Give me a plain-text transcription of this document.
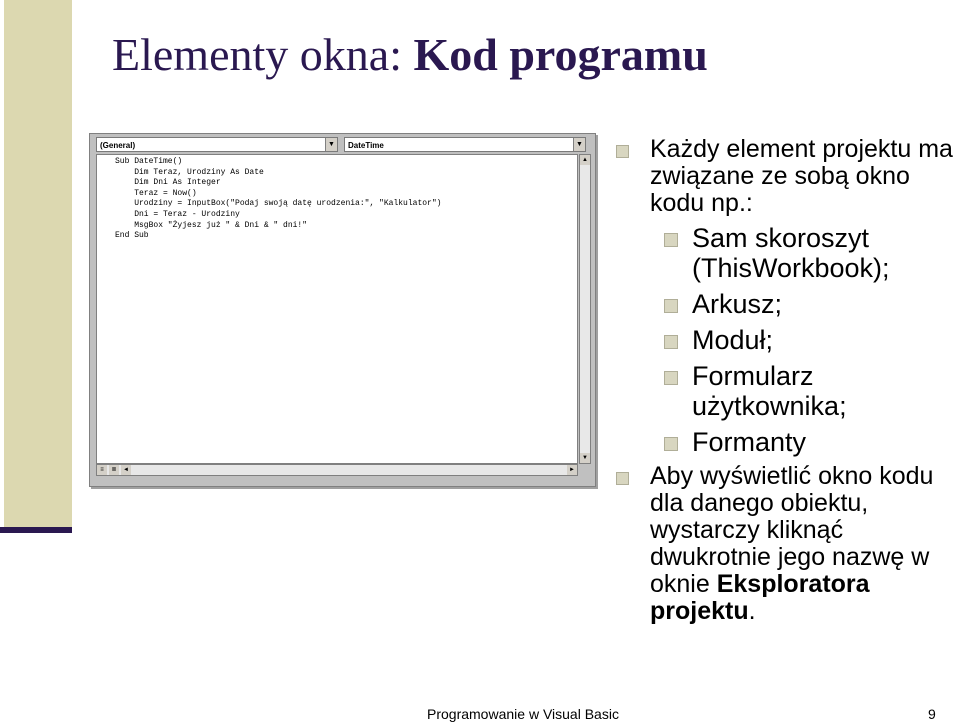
Elementy okna: Kod programu
(General)	▼	DateTime	▼
Sub DateTime()
Dim Teraz, Urodziny As Date
Dim Dni As Integer
Teraz = Now()
Urodziny = InputBox("Podaj swoją datę urodzenia:", "Kalkulator")
Dni = Teraz - Urodziny
MsgBox "Żyjesz już " & Dni & " dni!"
End Sub
▲
▼
≡	≣	◄	►
Każdy element projektu ma związane ze sobą okno kodu np.:
Sam skoroszyt (ThisWorkbook);
Arkusz;
Moduł;
Formularz użytkownika;
Formanty
Aby wyświetlić okno kodu dla danego obiektu, wystarczy kliknąć dwukrotnie jego nazwę w oknie Eksploratora projektu.
Programowanie w Visual Basic	9
